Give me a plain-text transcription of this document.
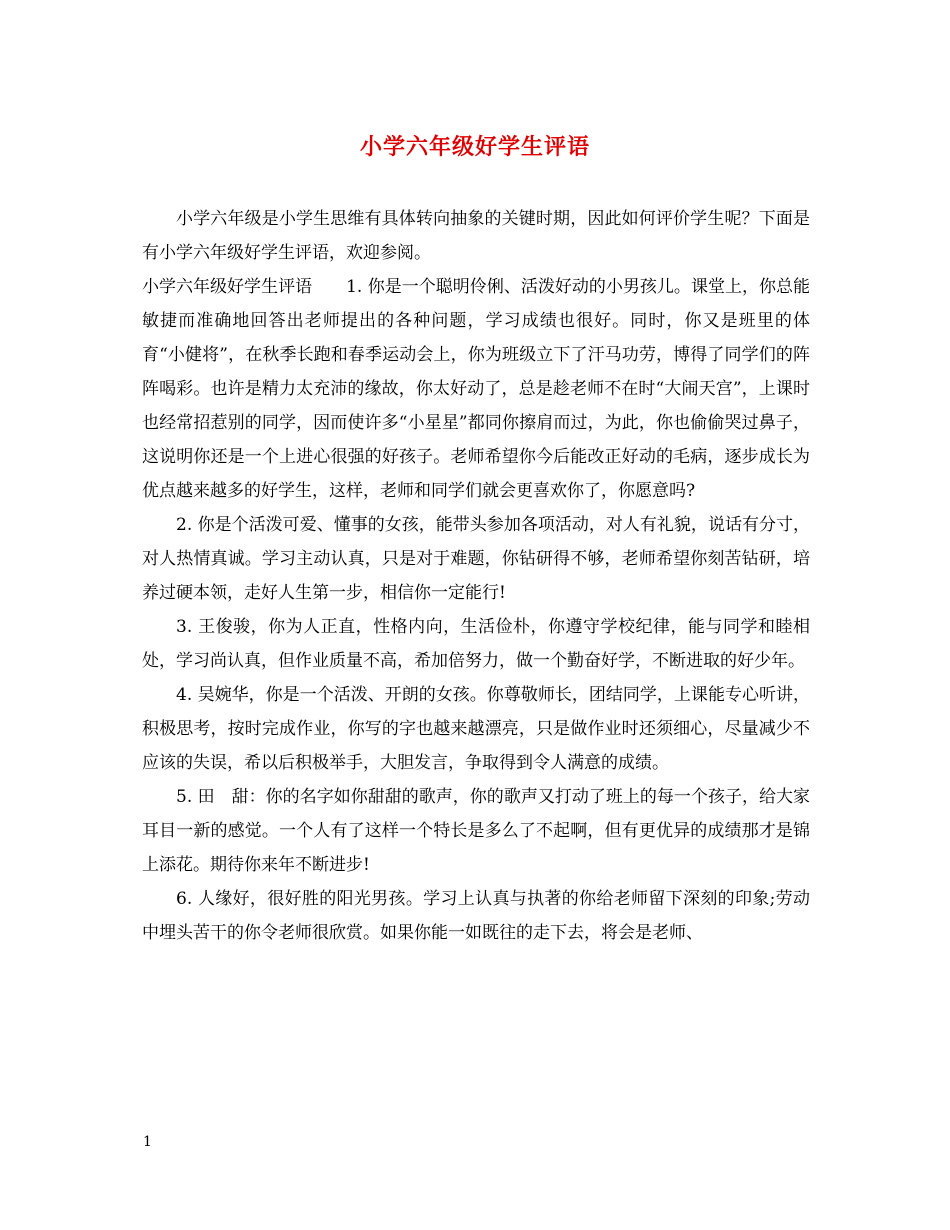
小学六年级好学生评语

小学六年级是小学生思维有具体转向抽象的关键时期，因此如何评价学生呢？下面是有小学六年级好学生评语，欢迎参阅。

小学六年级好学生评语　　1. 你是一个聪明伶俐、活泼好动的小男孩儿。课堂上，你总能敏捷而准确地回答出老师提出的各种问题，学习成绩也很好。同时，你又是班里的体育“小健将”，在秋季长跑和春季运动会上，你为班级立下了汗马功劳，博得了同学们的阵阵喝彩。也许是精力太充沛的缘故，你太好动了，总是趁老师不在时“大闹天宫”，上课时也经常招惹别的同学，因而使许多“小星星”都同你擦肩而过，为此，你也偷偷哭过鼻子，这说明你还是一个上进心很强的好孩子。老师希望你今后能改正好动的毛病，逐步成长为优点越来越多的好学生，这样，老师和同学们就会更喜欢你了，你愿意吗?

2. 你是个活泼可爱、懂事的女孩，能带头参加各项活动，对人有礼貌，说话有分寸，对人热情真诚。学习主动认真，只是对于难题，你钻研得不够，老师希望你刻苦钻研，培养过硬本领，走好人生第一步，相信你一定能行!

3. 王俊骏，你为人正直，性格内向，生活俭朴，你遵守学校纪律，能与同学和睦相处，学习尚认真，但作业质量不高，希加倍努力，做一个勤奋好学，不断进取的好少年。

4. 吴婉华，你是一个活泼、开朗的女孩。你尊敬师长，团结同学，上课能专心听讲，积极思考，按时完成作业，你写的字也越来越漂亮，只是做作业时还须细心，尽量减少不应该的失误，希以后积极举手，大胆发言，争取得到令人满意的成绩。

5. 田　甜：你的名字如你甜甜的歌声，你的歌声又打动了班上的每一个孩子，给大家耳目一新的感觉。一个人有了这样一个特长是多么了不起啊，但有更优异的成绩那才是锦上添花。期待你来年不断进步!

6. 人缘好，很好胜的阳光男孩。学习上认真与执著的你给老师留下深刻的印象;劳动中埋头苦干的你令老师很欣赏。如果你能一如既往的走下去，将会是老师、

1
